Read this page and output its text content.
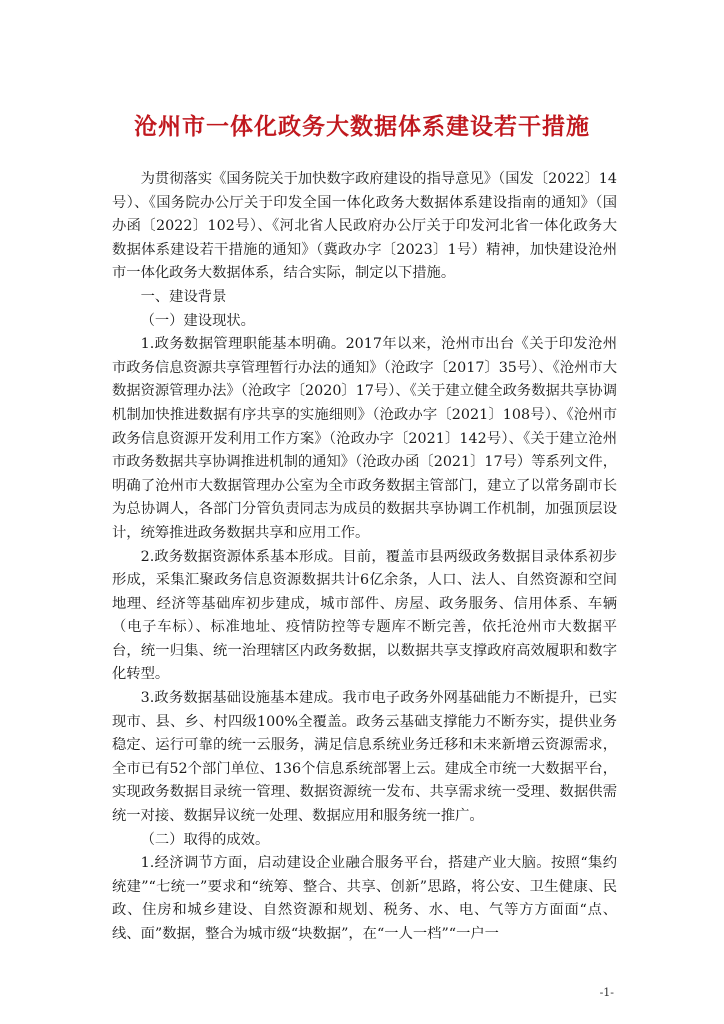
沧州市一体化政务大数据体系建设若干措施

为贯彻落实《国务院关于加快数字政府建设的指导意见》（国发〔2022〕14号）、《国务院办公厅关于印发全国一体化政务大数据体系建设指南的通知》（国办函〔2022〕102号）、《河北省人民政府办公厅关于印发河北省一体化政务大数据体系建设若干措施的通知》（冀政办字〔2023〕1号）精神，加快建设沧州市一体化政务大数据体系，结合实际，制定以下措施。

一、建设背景

（一）建设现状。

1.政务数据管理职能基本明确。2017年以来，沧州市出台《关于印发沧州市政务信息资源共享管理暂行办法的通知》（沧政字〔2017〕35号）、《沧州市大数据资源管理办法》（沧政字〔2020〕17号）、《关于建立健全政务数据共享协调机制加快推进数据有序共享的实施细则》（沧政办字〔2021〕108号）、《沧州市政务信息资源开发利用工作方案》（沧政办字〔2021〕142号）、《关于建立沧州市政务数据共享协调推进机制的通知》（沧政办函〔2021〕17号）等系列文件，明确了沧州市大数据管理办公室为全市政务数据主管部门，建立了以常务副市长为总协调人，各部门分管负责同志为成员的数据共享协调工作机制，加强顶层设计，统筹推进政务数据共享和应用工作。

2.政务数据资源体系基本形成。目前，覆盖市县两级政务数据目录体系初步形成，采集汇聚政务信息资源数据共计6亿余条，人口、法人、自然资源和空间地理、经济等基础库初步建成，城市部件、房屋、政务服务、信用体系、车辆（电子车标）、标准地址、疫情防控等专题库不断完善，依托沧州市大数据平台，统一归集、统一治理辖区内政务数据，以数据共享支撑政府高效履职和数字化转型。

3.政务数据基础设施基本建成。我市电子政务外网基础能力不断提升，已实现市、县、乡、村四级100%全覆盖。政务云基础支撑能力不断夯实，提供业务稳定、运行可靠的统一云服务，满足信息系统业务迁移和未来新增云资源需求，全市已有52个部门单位、136个信息系统部署上云。建成全市统一大数据平台，实现政务数据目录统一管理、数据资源统一发布、共享需求统一受理、数据供需统一对接、数据异议统一处理、数据应用和服务统一推广。

（二）取得的成效。

1.经济调节方面，启动建设企业融合服务平台，搭建产业大脑。按照“集约统建”“七统一”要求和“统筹、整合、共享、创新”思路，将公安、卫生健康、民政、住房和城乡建设、自然资源和规划、税务、水、电、气等方方面面“点、线、面”数据，整合为城市级“块数据”，在“一人一档”“一户一

-1-
